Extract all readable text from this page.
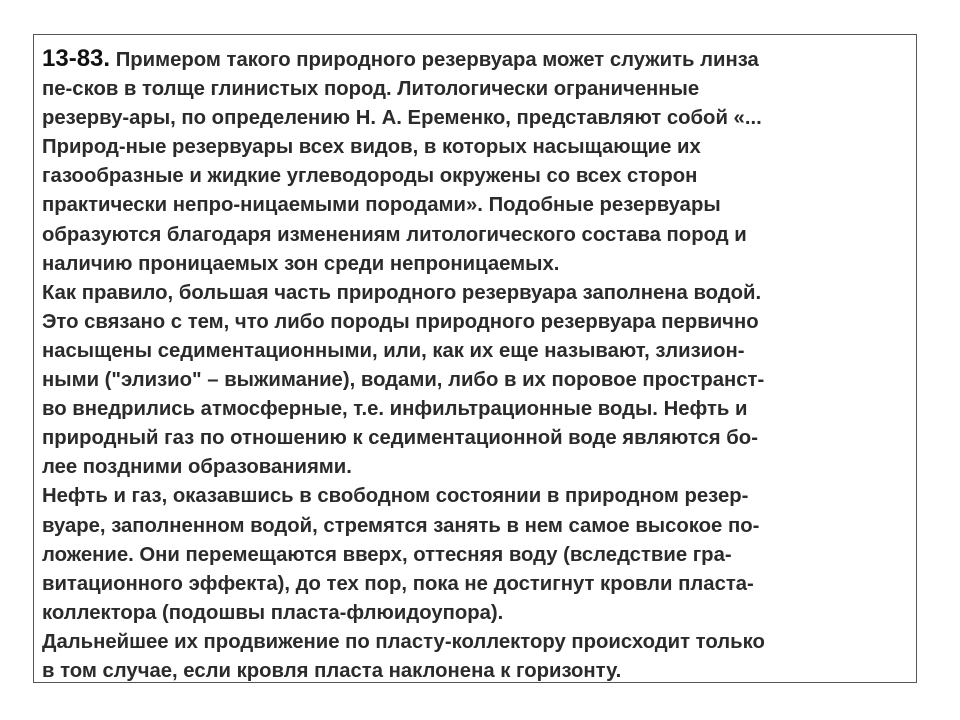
13-83. Примером такого природного резервуара может служить линза
пе-сков в толще глинистых пород. Литологически ограниченные
резерву-ары, по определению Н. А. Еременко, представляют собой «...
Природ-ные резервуары всех видов, в которых насыщающие их
газообразные и жидкие углеводороды окружены со всех сторон
практически непро-ницаемыми породами». Подобные резервуары
образуются благодаря изменениям литологического состава пород и
наличию проницаемых зон среди непроницаемых.
Как правило, большая часть природного резервуара заполнена водой.
Это связано с тем, что либо породы природного резервуара первично
насыщены седиментационными, или, как их еще называют, злизион-
ными ("элизио" – выжимание), водами, либо в их поровое пространст-
во внедрились атмосферные, т.е. инфильтрационные воды. Нефть и
природный газ по отношению к седиментационной воде являются бо-
лее поздними образованиями.
Нефть и газ, оказавшись в свободном состоянии в природном резер-
вуаре, заполненном водой, стремятся занять в нем самое высокое по-
ложение. Они перемещаются вверх, оттесняя воду (вследствие гра-
витационного эффекта), до тех пор, пока не достигнут кровли пласта-
коллектора (подошвы пласта-флюидоупора).
Дальнейшее их продвижение по пласту-коллектору происходит только
в том случае, если кровля пласта наклонена к горизонту.
